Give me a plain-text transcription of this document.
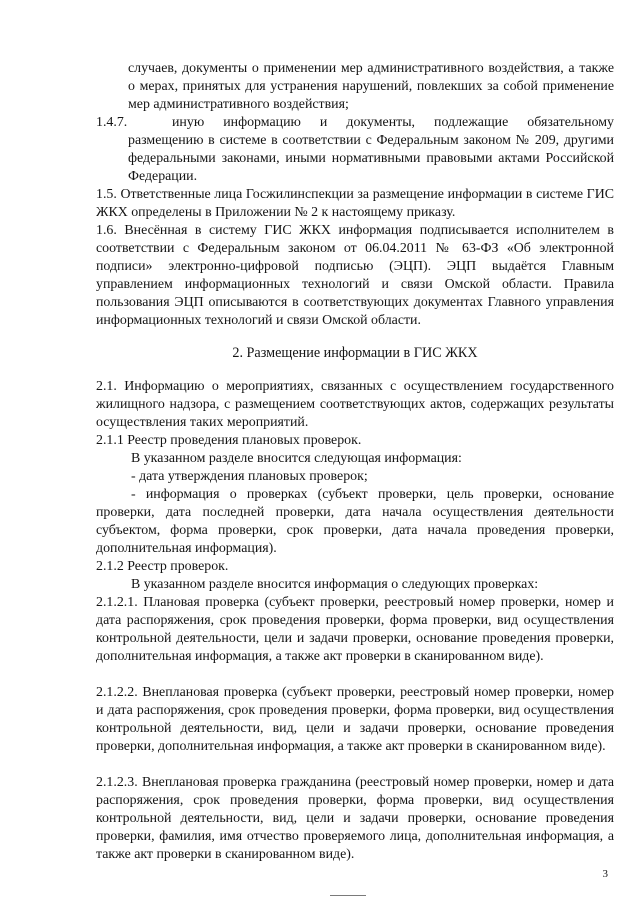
случаев, документы о применении мер административного воздействия, а также о мерах, принятых для устранения нарушений, повлекших за собой применение мер административного воздействия;

1.4.7.	иную информацию и документы, подлежащие обязательному размещению в системе в соответствии с Федеральным законом № 209, другими федеральными законами, иными нормативными правовыми актами Российской Федерации.

1.5. Ответственные лица Госжилинспекции за размещение информации в системе ГИС ЖКХ определены в Приложении № 2 к настоящему приказу.

1.6. Внесённая в систему ГИС ЖКХ информация подписывается исполнителем в соответствии с Федеральным законом от 06.04.2011 № 63-ФЗ «Об электронной подписи» электронно-цифровой подписью (ЭЦП). ЭЦП выдаётся Главным управлением информационных технологий и связи Омской области. Правила пользования ЭЦП описываются в соответствующих документах Главного управления информационных технологий и связи Омской области.

2. Размещение информации в ГИС ЖКХ

2.1. Информацию о мероприятиях, связанных с осуществлением государственного жилищного надзора, с размещением соответствующих актов, содержащих результаты осуществления таких мероприятий.

2.1.1 Реестр проведения плановых проверок.

В указанном разделе вносится следующая информация:

- дата утверждения плановых проверок;

- информация о проверках (субъект проверки, цель проверки, основание проверки, дата последней проверки, дата начала осуществления деятельности субъектом, форма проверки, срок проверки, дата начала проведения проверки, дополнительная информация).

2.1.2 Реестр проверок.

В указанном разделе вносится информация о следующих проверках:

2.1.2.1. Плановая проверка (субъект проверки, реестровый номер проверки, номер и дата распоряжения, срок проведения проверки, форма проверки, вид осуществления контрольной деятельности, цели и задачи проверки, основание проведения проверки, дополнительная информация, а также акт проверки в сканированном виде).

2.1.2.2. Внеплановая проверка (субъект проверки, реестровый номер проверки, номер и дата распоряжения, срок проведения проверки, форма проверки, вид осуществления контрольной деятельности, вид, цели и задачи проверки, основание проведения проверки, дополнительная информация, а также акт проверки в сканированном виде).

2.1.2.3. Внеплановая проверка гражданина (реестровый номер проверки, номер и дата распоряжения, срок проведения проверки, форма проверки, вид осуществления контрольной деятельности, вид, цели и задачи проверки, основание проведения проверки, фамилия, имя отчество проверяемого лица, дополнительная информация, а также акт проверки в сканированном виде).

3
